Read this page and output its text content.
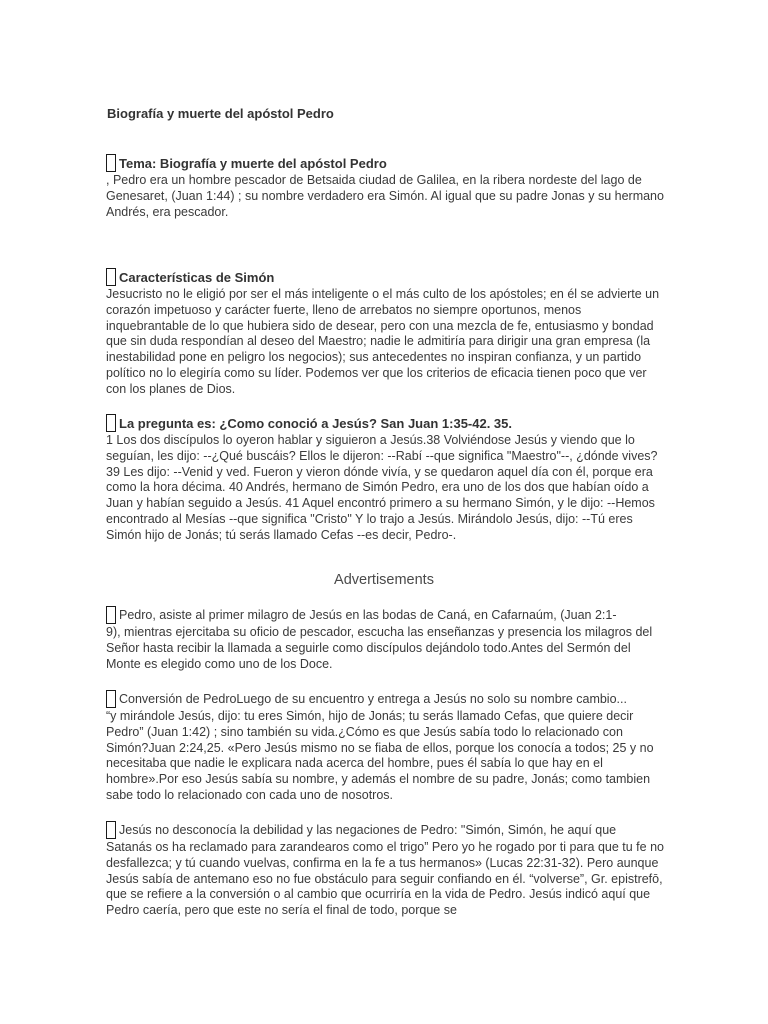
Biografía y muerte del apóstol Pedro
Tema: Biografía y muerte del apóstol Pedro

, Pedro era un hombre pescador de Betsaida ciudad de Galilea, en la ribera nordeste del lago de Genesaret, (Juan 1:44) ; su nombre verdadero era Simón. Al igual que su padre Jonas y su hermano Andrés, era pescador.

Características de Simón

Jesucristo no le eligió por ser el más inteligente o el más culto de los apóstoles; en él se advierte un corazón impetuoso y carácter fuerte, lleno de arrebatos no siempre oportunos, menos inquebrantable de lo que hubiera sido de desear, pero con una mezcla de fe, entusiasmo y bondad que sin duda respondían al deseo del Maestro; nadie le admitiría para dirigir una gran empresa (la inestabilidad pone en peligro los negocios); sus antecedentes no inspiran confianza, y un partido político no lo elegiría como su líder. Podemos ver que los criterios de eficacia tienen poco que ver con los planes de Dios.

La pregunta es: ¿Como conoció a Jesús? San Juan 1:35-42. 35.

1 Los dos discípulos lo oyeron hablar y siguieron a Jesús.38 Volviéndose Jesús y viendo que lo seguían, les dijo: --¿Qué buscáis? Ellos le dijeron: --Rabí --que significa "Maestro"--, ¿dónde vives? 39 Les dijo: --Venid y ved. Fueron y vieron dónde vivía, y se quedaron aquel día con él, porque era como la hora décima. 40 Andrés, hermano de Simón Pedro, era uno de los dos que habían oído a Juan y habían seguido a Jesús. 41 Aquel encontró primero a su hermano Simón, y le dijo: --Hemos encontrado al Mesías --que significa "Cristo" Y lo trajo a Jesús. Mirándolo Jesús, dijo: --Tú eres Simón hijo de Jonás; tú serás llamado Cefas --es decir, Pedro-.

Advertisements
Pedro, asiste al primer milagro de Jesús en las bodas de Caná, en Cafarnaúm, (Juan 2:1-

9), mientras ejercitaba su oficio de pescador, escucha las enseñanzas y presencia los milagros del Señor hasta recibir la llamada a seguirle como discípulos dejándolo todo.Antes del Sermón del Monte es elegido como uno de los Doce.

Conversión de PedroLuego de su encuentro y entrega a Jesús no solo su nombre cambio...

“y mirándole Jesús, dijo: tu eres Simón, hijo de Jonás; tu serás llamado Cefas, que quiere decir Pedro” (Juan 1:42) ; sino también su vida.¿Cómo es que Jesús sabía todo lo relacionado con Simón?Juan 2:24,25. «Pero Jesús mismo no se fiaba de ellos, porque los conocía a todos; 25 y no necesitaba que nadie le explicara nada acerca del hombre, pues él sabía lo que hay en el hombre».Por eso Jesús sabía su nombre, y además el nombre de su padre, Jonás; como tambien sabe todo lo relacionado con cada uno de nosotros.

Jesús no desconocía la debilidad y las negaciones de Pedro: "Simón, Simón, he aquí que

Satanás os ha reclamado para zarandearos como el trigo” Pero yo he rogado por ti para que tu fe no desfallezca; y tú cuando vuelvas, confirma en la fe a tus hermanos» (Lucas 22:31-32). Pero aunque Jesús sabía de antemano eso no fue obstáculo para seguir confiando en él. “volverse”, Gr. epistrefō, que se refiere a la conversión o al cambio que ocurriría en la vida de Pedro. Jesús indicó aquí que Pedro caería, pero que este no sería el final de todo, porque se
